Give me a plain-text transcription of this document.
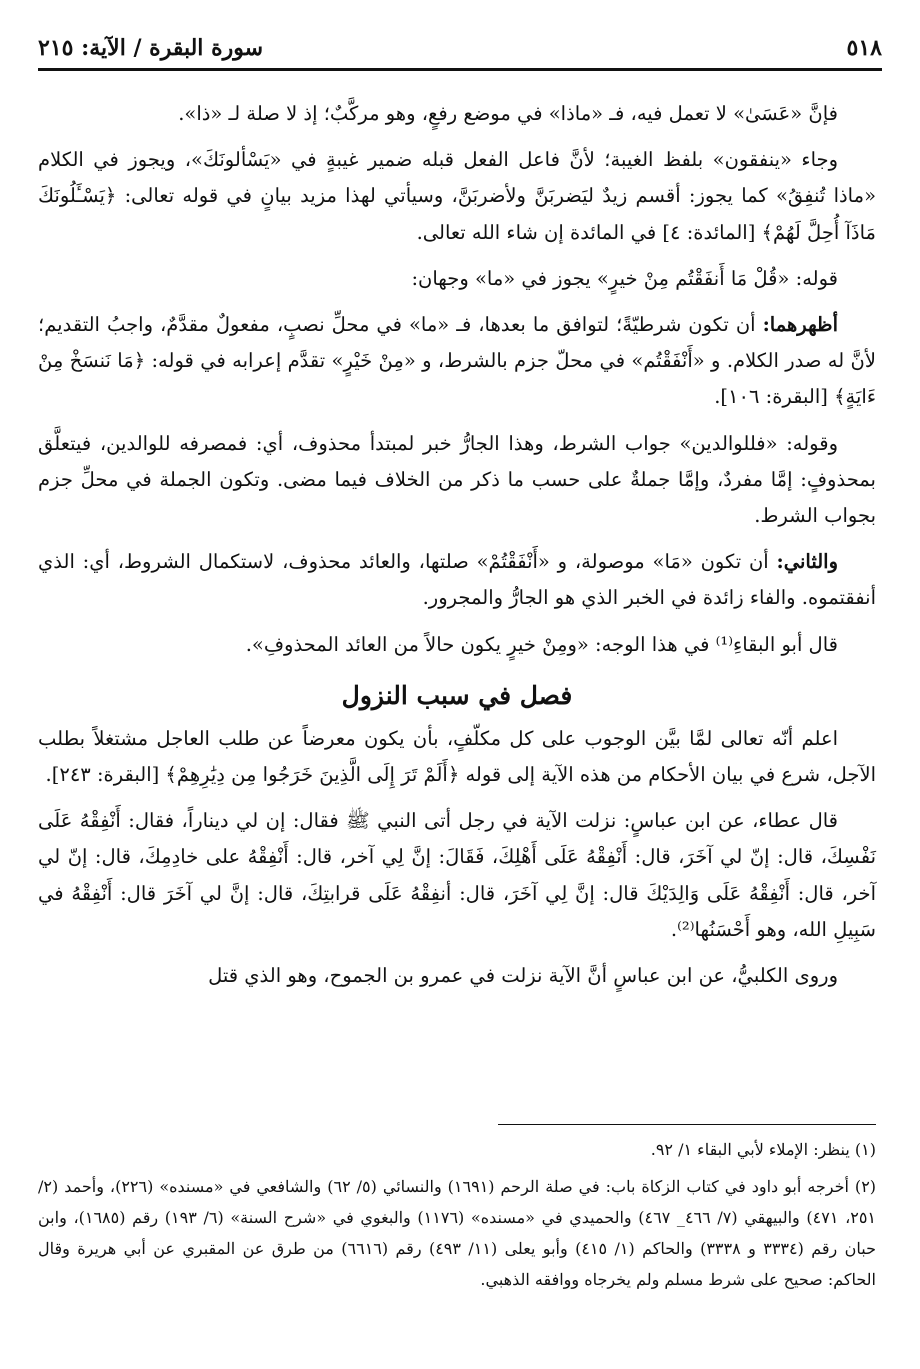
٥١٨
سورة البقرة / الآية: ٢١٥

فإنَّ «عَسَىٰ» لا تعمل فيه، فـ «ماذا» في موضع رفعٍ، وهو مركَّبٌ؛ إذ لا صلة لـ «ذا».

وجاء «ينفقون» بلفظ الغيبة؛ لأنَّ فاعل الفعل قبله ضمير غيبةٍ في «يَسْألونَكَ»، ويجوز في الكلام «ماذا تُنفِقُ» كما يجوز: أقسم زيدٌ ليَضربَنَّ ولأضربَنَّ، وسيأتي لهذا مزيد بيانٍ في قوله تعالى: ﴿يَسْـَٔلُونَكَ مَاذَآ أُحِلَّ لَهُمْ﴾ [المائدة: ٤] في المائدة إن شاء الله تعالى.

قوله: «قُلْ مَا أَنفَقْتُم مِنْ خيرٍ» يجوز في «ما» وجهان:

أظهرهما: أن تكون شرطيّةً؛ لتوافق ما بعدها، فـ «ما» في محلِّ نصبٍ، مفعولٌ مقدَّمٌ، واجبُ التقديم؛ لأنَّ له صدر الكلام. و «أَنْفَقْتُم» في محلّ جزم بالشرط، و «مِنْ خَيْرٍ» تقدَّم إعرابه في قوله: ﴿مَا نَنسَخْ مِنْ ءَايَةٍ﴾ [البقرة: ١٠٦].

وقوله: «فللوالدين» جواب الشرط، وهذا الجارُّ خبر لمبتدأ محذوف، أي: فمصرفه للوالدين، فيتعلَّق بمحذوفٍ: إمَّا مفردٌ، وإمَّا جملةٌ على حسب ما ذكر من الخلاف فيما مضى. وتكون الجملة في محلِّ جزم بجواب الشرط.

والثاني: أن تكون «مَا» موصولة، و «أَنْفَقْتُمْ» صلتها، والعائد محذوف، لاستكمال الشروط، أي: الذي أنفقتموه. والفاء زائدة في الخبر الذي هو الجارُّ والمجرور.

قال أبو البقاءِ⁽¹⁾ في هذا الوجه: «ومِنْ خيرٍ يكون حالاً من العائد المحذوفِ».

فصل في سبب النزول

اعلم أنّه تعالى لمَّا بيَّن الوجوب على كل مكلّفٍ، بأن يكون معرضاً عن طلب العاجل مشتغلاً بطلب الآجل، شرع في بيان الأحكام من هذه الآية إلى قوله ﴿أَلَمْ تَرَ إِلَى الَّذِينَ خَرَجُوا مِن دِيَٰرِهِمْ﴾ [البقرة: ٢٤٣].

قال عطاء، عن ابن عباسٍ: نزلت الآية في رجل أتى النبي ﷺ فقال: إن لي ديناراً، فقال: أَنْفِقْهُ عَلَى نَفْسِكَ، قال: إنّ لي آخَرَ، قال: أَنْفِقْهُ عَلَى أَهْلِكَ، فَقَالَ: إنَّ لِي آخر، قال: أَنْفِقْهُ على خادِمِكَ، قال: إنّ لي آخر، قال: أَنْفِقْهُ عَلَى وَالِدَيْكَ قال: إنَّ لِي آخَرَ، قال: أنفِقْهُ عَلَى قرابتِكَ، قال: إنَّ لي آخَرَ قال: أَنْفِقْهُ في سَبِيلِ الله، وهو أَحْسَنُها⁽²⁾.

وروى الكلبيُّ، عن ابن عباسٍ أنَّ الآية نزلت في عمرو بن الجموح، وهو الذي قتل

(١) ينظر: الإملاء لأبي البقاء ١/ ٩٢.

(٢) أخرجه أبو داود في كتاب الزكاة باب: في صلة الرحم (١٦٩١) والنسائي (٥/ ٦٢) والشافعي في «مسنده» (٢٢٦)، وأحمد (٢/ ٢٥١، ٤٧١) والبيهقي (٧/ ٤٦٦_ ٤٦٧) والحميدي في «مسنده» (١١٧٦) والبغوي في «شرح السنة» (٦/ ١٩٣) رقم (١٦٨٥)، وابن حبان رقم (٣٣٣٤ و ٣٣٣٨) والحاكم (١/ ٤١٥) وأبو يعلى (١١/ ٤٩٣) رقم (٦٦١٦) من طرق عن المقبري عن أبي هريرة وقال الحاكم: صحيح على شرط مسلم ولم يخرجاه ووافقه الذهبي.
